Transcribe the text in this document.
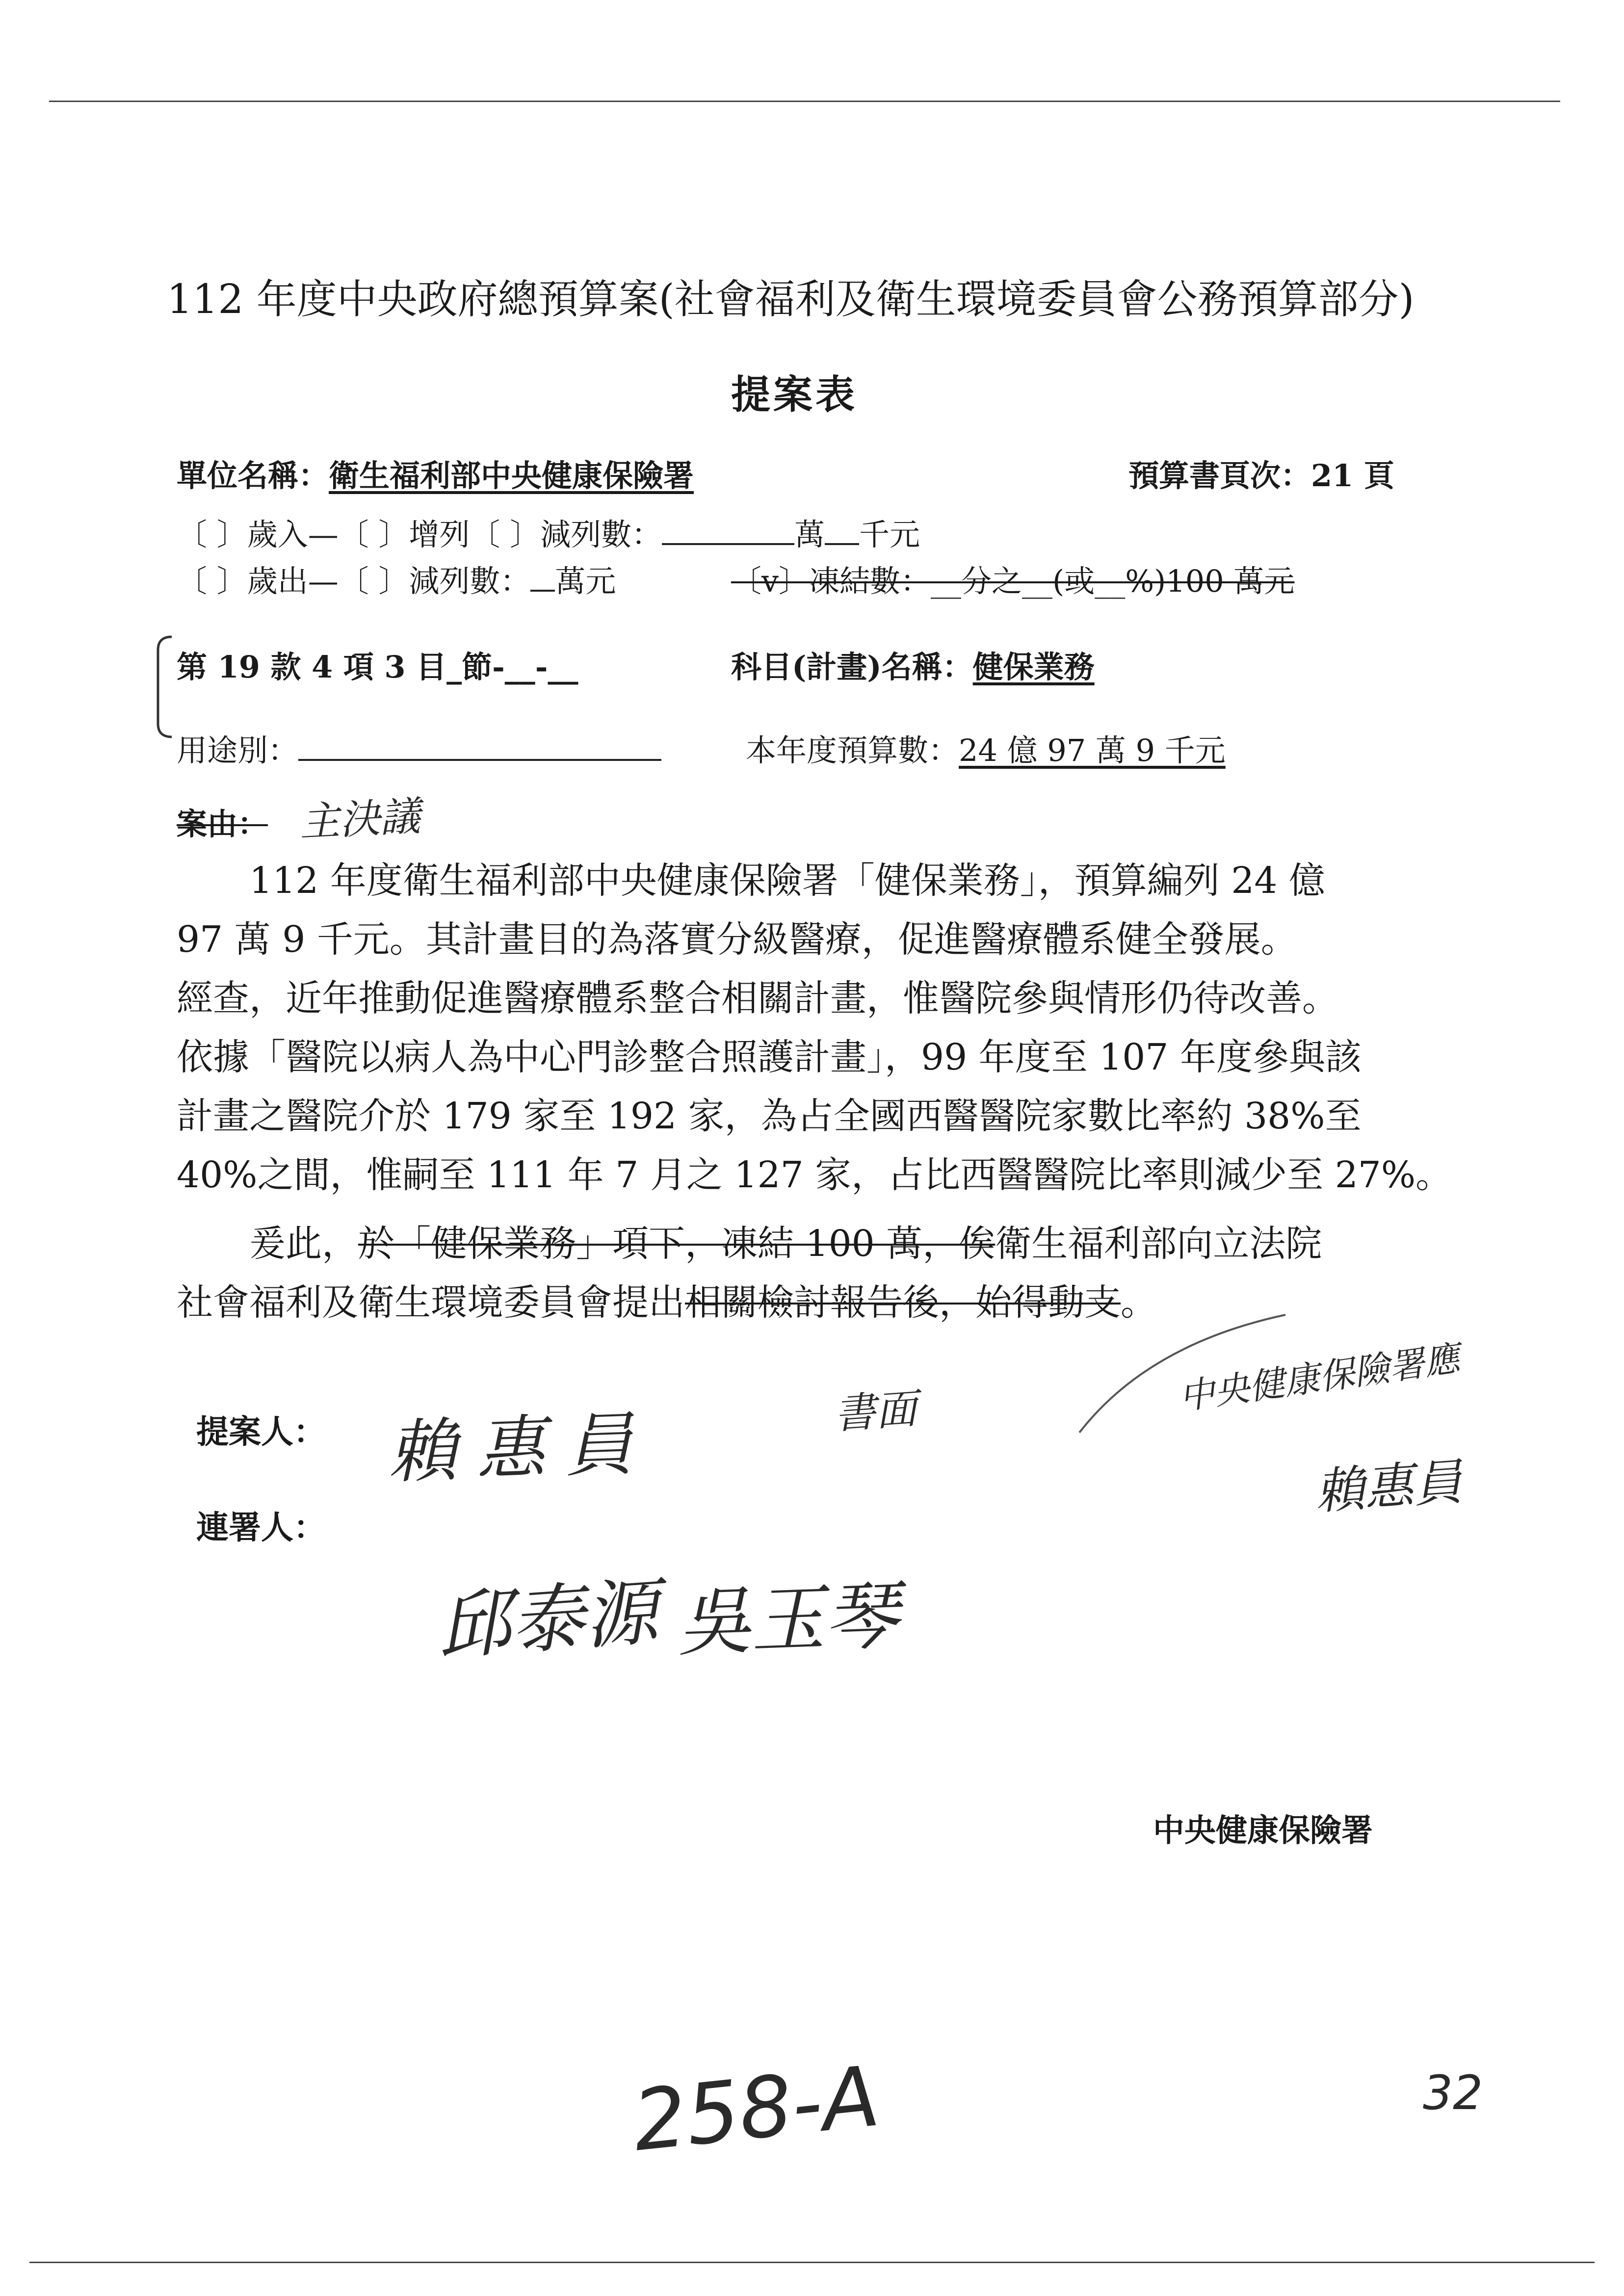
112 年度中央政府總預算案(社會福利及衛生環境委員會公務預算部分)
提案表
單位名稱：衛生福利部中央健康保險署	預算書頁次：21 頁
〔 〕歲入—〔 〕增列〔 〕減列數：	萬 千元
〔 〕歲出—〔 〕減列數： 萬元	〔v〕凍結數：__分之__(或__%)100 萬元
第 19 款 4 項 3 目_節-__-__	科目(計畫)名稱：健保業務
用途別：	本年度預算數：24 億 97 萬 9 千元
案由： 主決議
　　112 年度衛生福利部中央健康保險署「健保業務」，預算編列 24 億
97 萬 9 千元。其計畫目的為落實分級醫療，促進醫療體系健全發展。
經查，近年推動促進醫療體系整合相關計畫，惟醫院參與情形仍待改善。
依據「醫院以病人為中心門診整合照護計畫」，99 年度至 107 年度參與該
計畫之醫院介於 179 家至 192 家，為占全國西醫醫院家數比率約 38%至
40%之間，惟嗣至 111 年 7 月之 127 家，占比西醫醫院比率則減少至 27%。
　　爰此，於「健保業務」項下，凍結 100 萬，俟衛生福利部向立法院
社會福利及衛生環境委員會提出相關檢討報告後，始得動支。
書面	中央健康保險署應
賴惠員
提案人： 賴惠員
連署人：
邱泰源 吳玉琴
中央健康保險署
258-A	32
